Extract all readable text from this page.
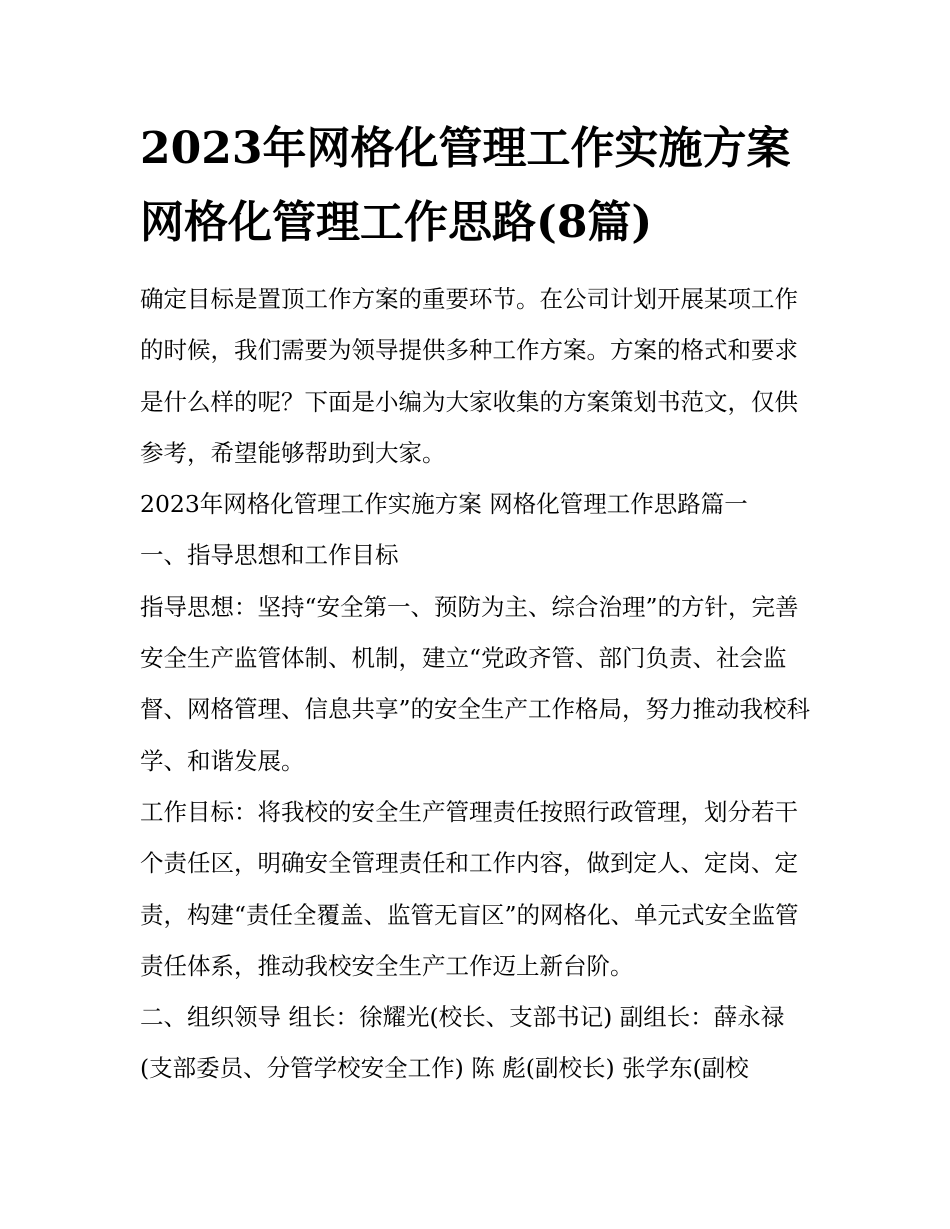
2023年网格化管理工作实施方案 网格化管理工作思路(8篇)

确定目标是置顶工作方案的重要环节。在公司计划开展某项工作的时候，我们需要为领导提供多种工作方案。方案的格式和要求是什么样的呢？下面是小编为大家收集的方案策划书范文，仅供参考，希望能够帮助到大家。

2023年网格化管理工作实施方案 网格化管理工作思路篇一

一、指导思想和工作目标

指导思想：坚持“安全第一、预防为主、综合治理”的方针，完善安全生产监管体制、机制，建立“党政齐管、部门负责、社会监督、网格管理、信息共享”的安全生产工作格局，努力推动我校科学、和谐发展。

工作目标：将我校的安全生产管理责任按照行政管理，划分若干个责任区，明确安全管理责任和工作内容，做到定人、定岗、定责，构建“责任全覆盖、监管无盲区”的网格化、单元式安全监管责任体系，推动我校安全生产工作迈上新台阶。

二、组织领导 组长：徐耀光(校长、支部书记) 副组长：薛永禄(支部委员、分管学校安全工作) 陈 彪(副校长) 张学东(副校
